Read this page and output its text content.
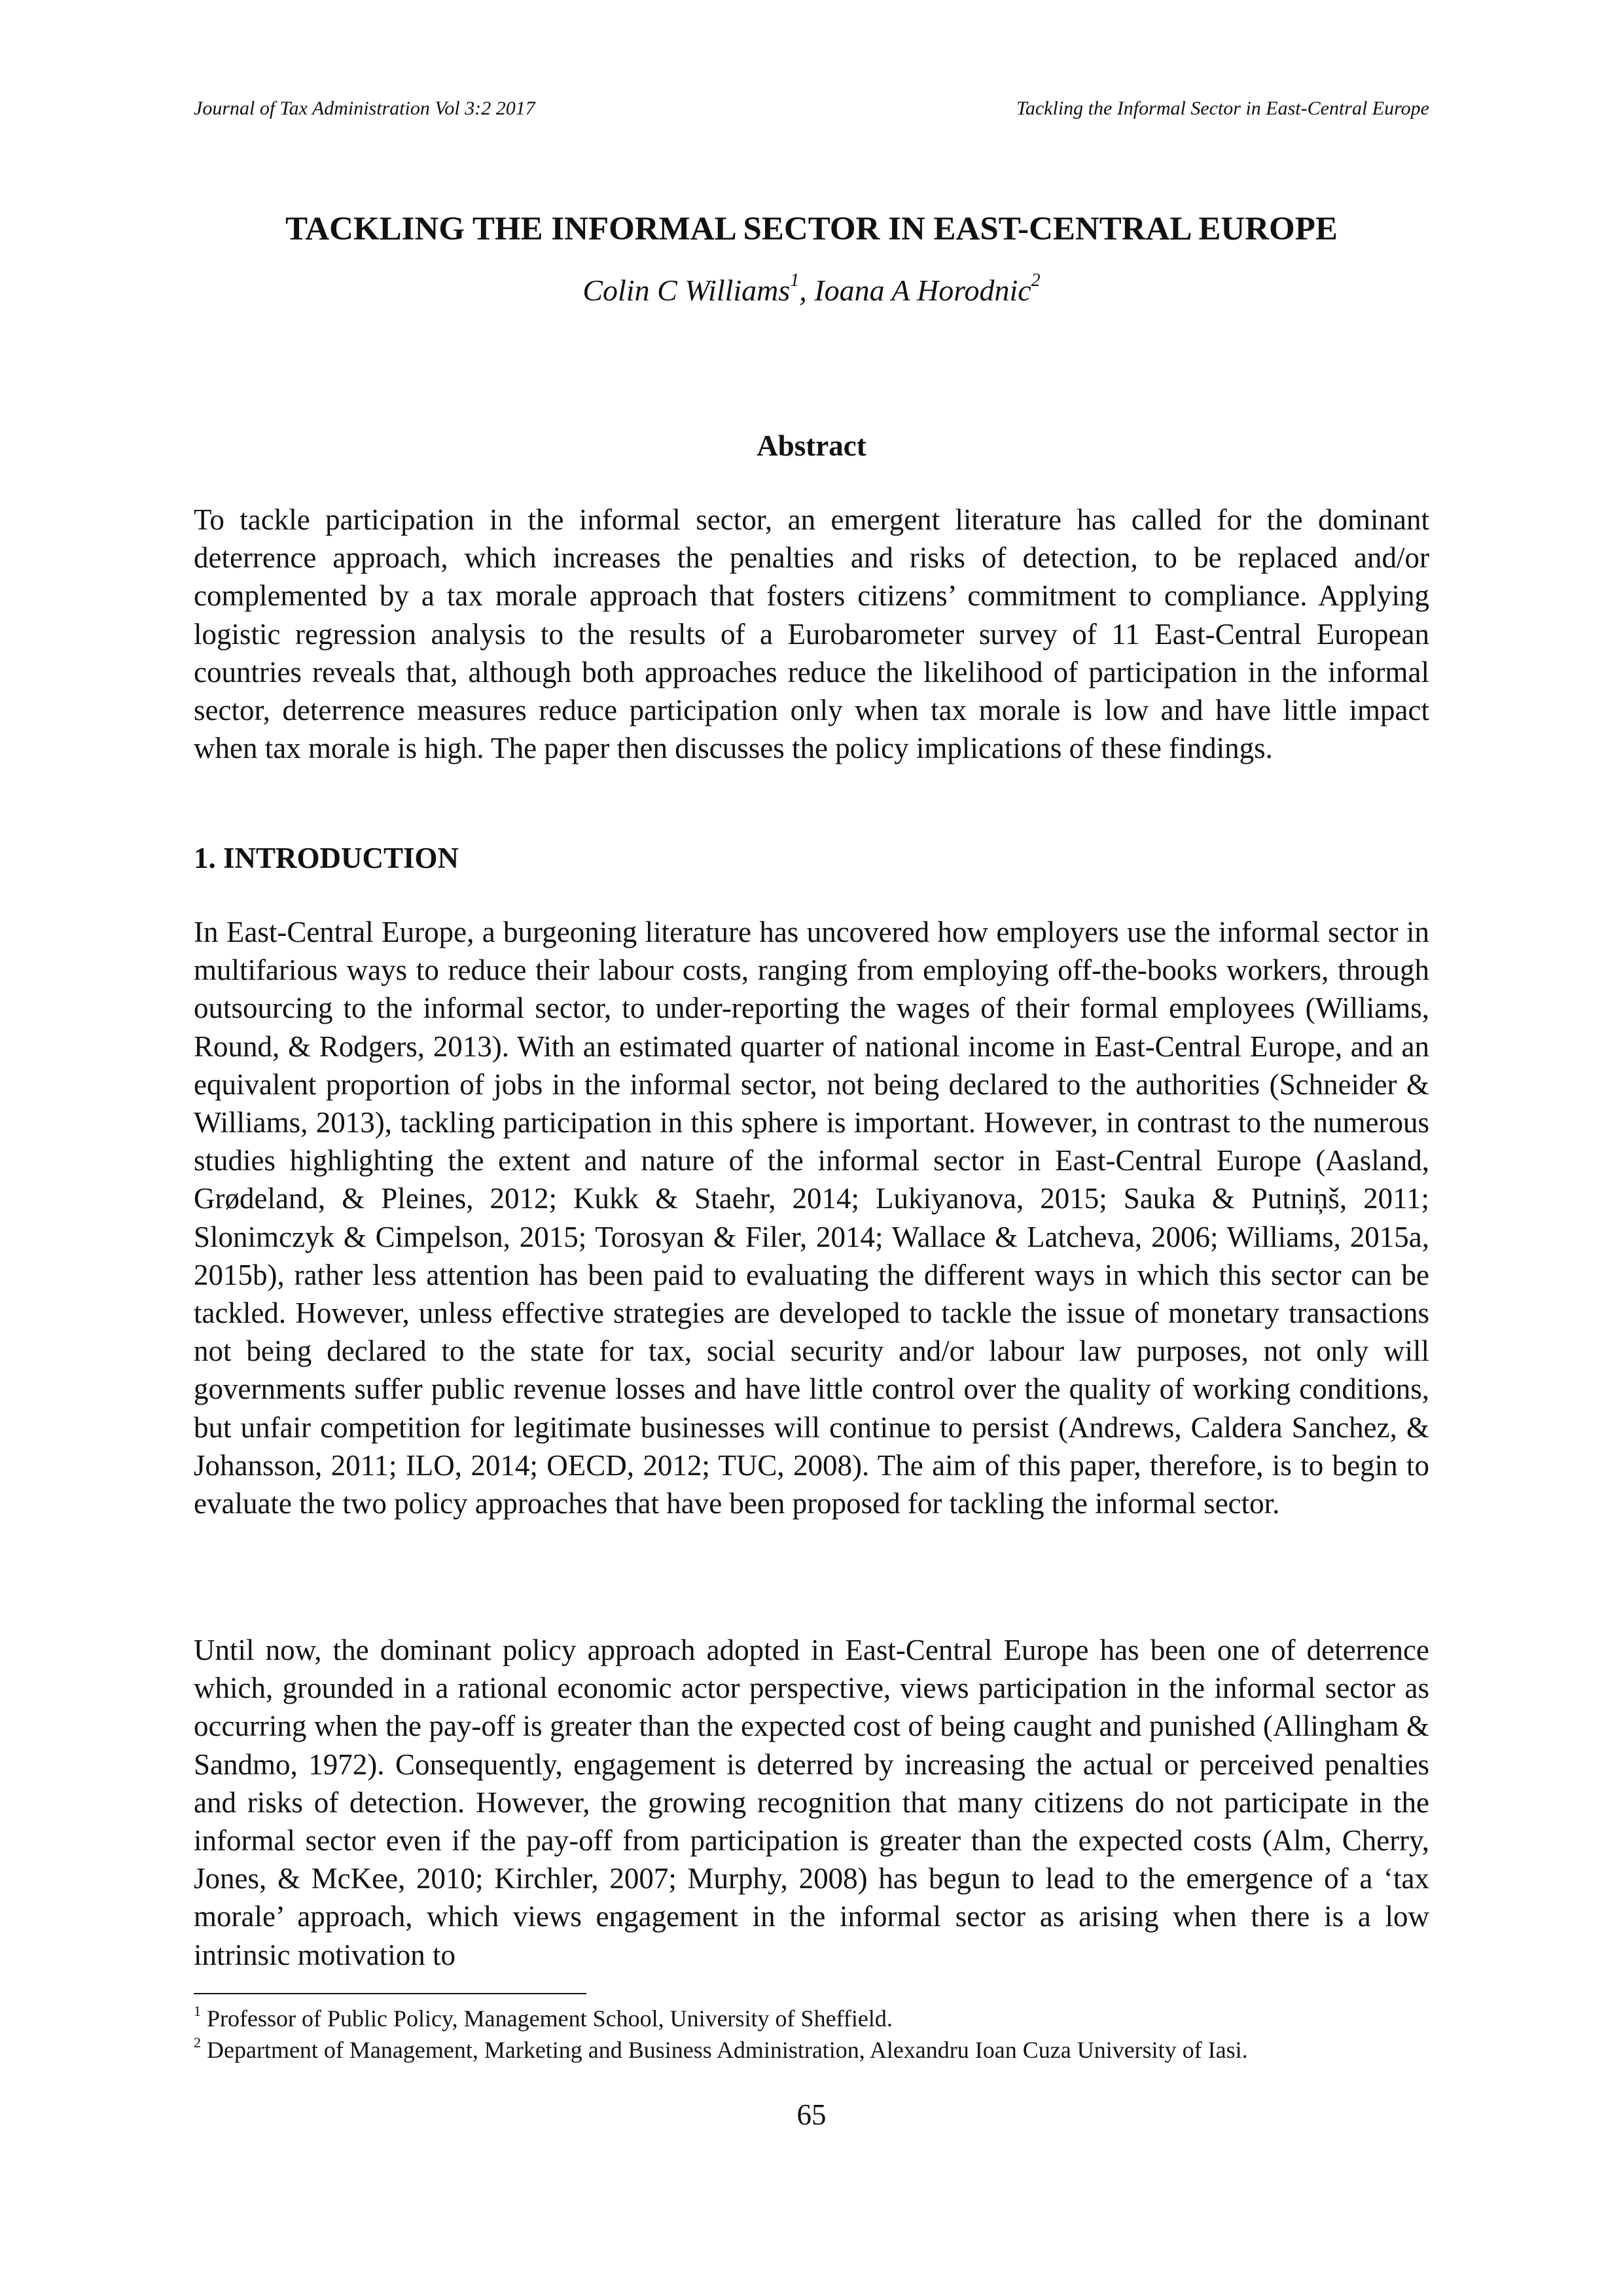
Journal of Tax Administration Vol 3:2 2017	Tackling the Informal Sector in East-Central Europe
TACKLING THE INFORMAL SECTOR IN EAST-CENTRAL EUROPE
Colin C Williams$^1$, Ioana A Horodnic$^2$
Abstract

To tackle participation in the informal sector, an emergent literature has called for the dominant deterrence approach, which increases the penalties and risks of detection, to be replaced and/or complemented by a tax morale approach that fosters citizens’ commitment to compliance. Applying logistic regression analysis to the results of a Eurobarometer survey of 11 East-Central European countries reveals that, although both approaches reduce the likelihood of participation in the informal sector, deterrence measures reduce participation only when tax morale is low and have little impact when tax morale is high. The paper then discusses the policy implications of these findings.

1. INTRODUCTION

In East-Central Europe, a burgeoning literature has uncovered how employers use the informal sector in multifarious ways to reduce their labour costs, ranging from employing off-the-books workers, through outsourcing to the informal sector, to under-reporting the wages of their formal employees (Williams, Round, & Rodgers, 2013). With an estimated quarter of national income in East-Central Europe, and an equivalent proportion of jobs in the informal sector, not being declared to the authorities (Schneider & Williams, 2013), tackling participation in this sphere is important. However, in contrast to the numerous studies highlighting the extent and nature of the informal sector in East-Central Europe (Aasland, Grødeland, & Pleines, 2012; Kukk & Staehr, 2014; Lukiyanova, 2015; Sauka & Putniņš, 2011; Slonimczyk & Cimpelson, 2015; Torosyan & Filer, 2014; Wallace & Latcheva, 2006; Williams, 2015a, 2015b), rather less attention has been paid to evaluating the different ways in which this sector can be tackled. However, unless effective strategies are developed to tackle the issue of monetary transactions not being declared to the state for tax, social security and/or labour law purposes, not only will governments suffer public revenue losses and have little control over the quality of working conditions, but unfair competition for legitimate businesses will continue to persist (Andrews, Caldera Sanchez, & Johansson, 2011; ILO, 2014; OECD, 2012; TUC, 2008). The aim of this paper, therefore, is to begin to evaluate the two policy approaches that have been proposed for tackling the informal sector.

Until now, the dominant policy approach adopted in East-Central Europe has been one of deterrence which, grounded in a rational economic actor perspective, views participation in the informal sector as occurring when the pay-off is greater than the expected cost of being caught and punished (Allingham & Sandmo, 1972). Consequently, engagement is deterred by increasing the actual or perceived penalties and risks of detection. However, the growing recognition that many citizens do not participate in the informal sector even if the pay-off from participation is greater than the expected costs (Alm, Cherry, Jones, & McKee, 2010; Kirchler, 2007; Murphy, 2008) has begun to lead to the emergence of a ‘tax morale’ approach, which views engagement in the informal sector as arising when there is a low intrinsic motivation to

$^1$ Professor of Public Policy, Management School, University of Sheffield.
$^2$ Department of Management, Marketing and Business Administration, Alexandru Ioan Cuza University of Iasi.
65
